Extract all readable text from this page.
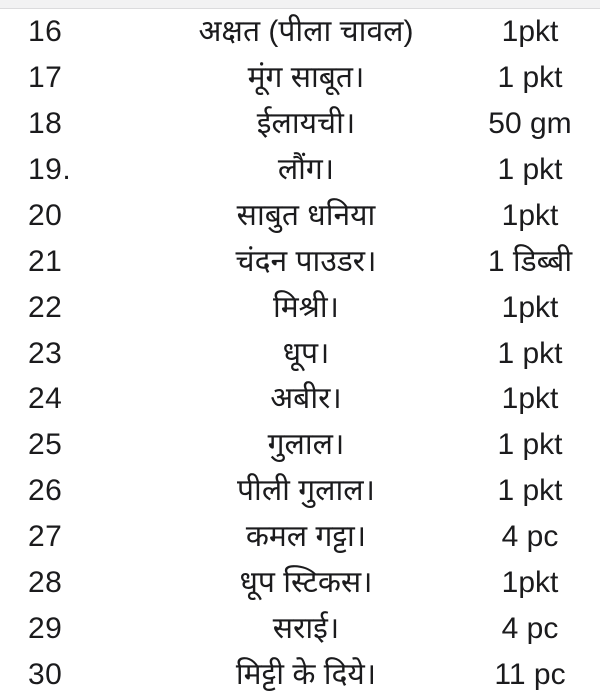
16	अक्षत (पीला चावल)	1pkt
17	मूंग साबूत।	1 pkt
18	ईलायची।	50 gm
19.	लौंग।	1 pkt
20	साबुत धनिया	1pkt
21	चंदन पाउडर।	1 डिब्बी
22	मिश्री।	1pkt
23	धूप।	1 pkt
24	अबीर।	1pkt
25	गुलाल।	1 pkt
26	पीली गुलाल।	1 pkt
27	कमल गट्टा।	4 pc
28	धूप स्टिकस।	1pkt
29	सराई।	4 pc
30	मिट्टी के दिये।	11 pc
